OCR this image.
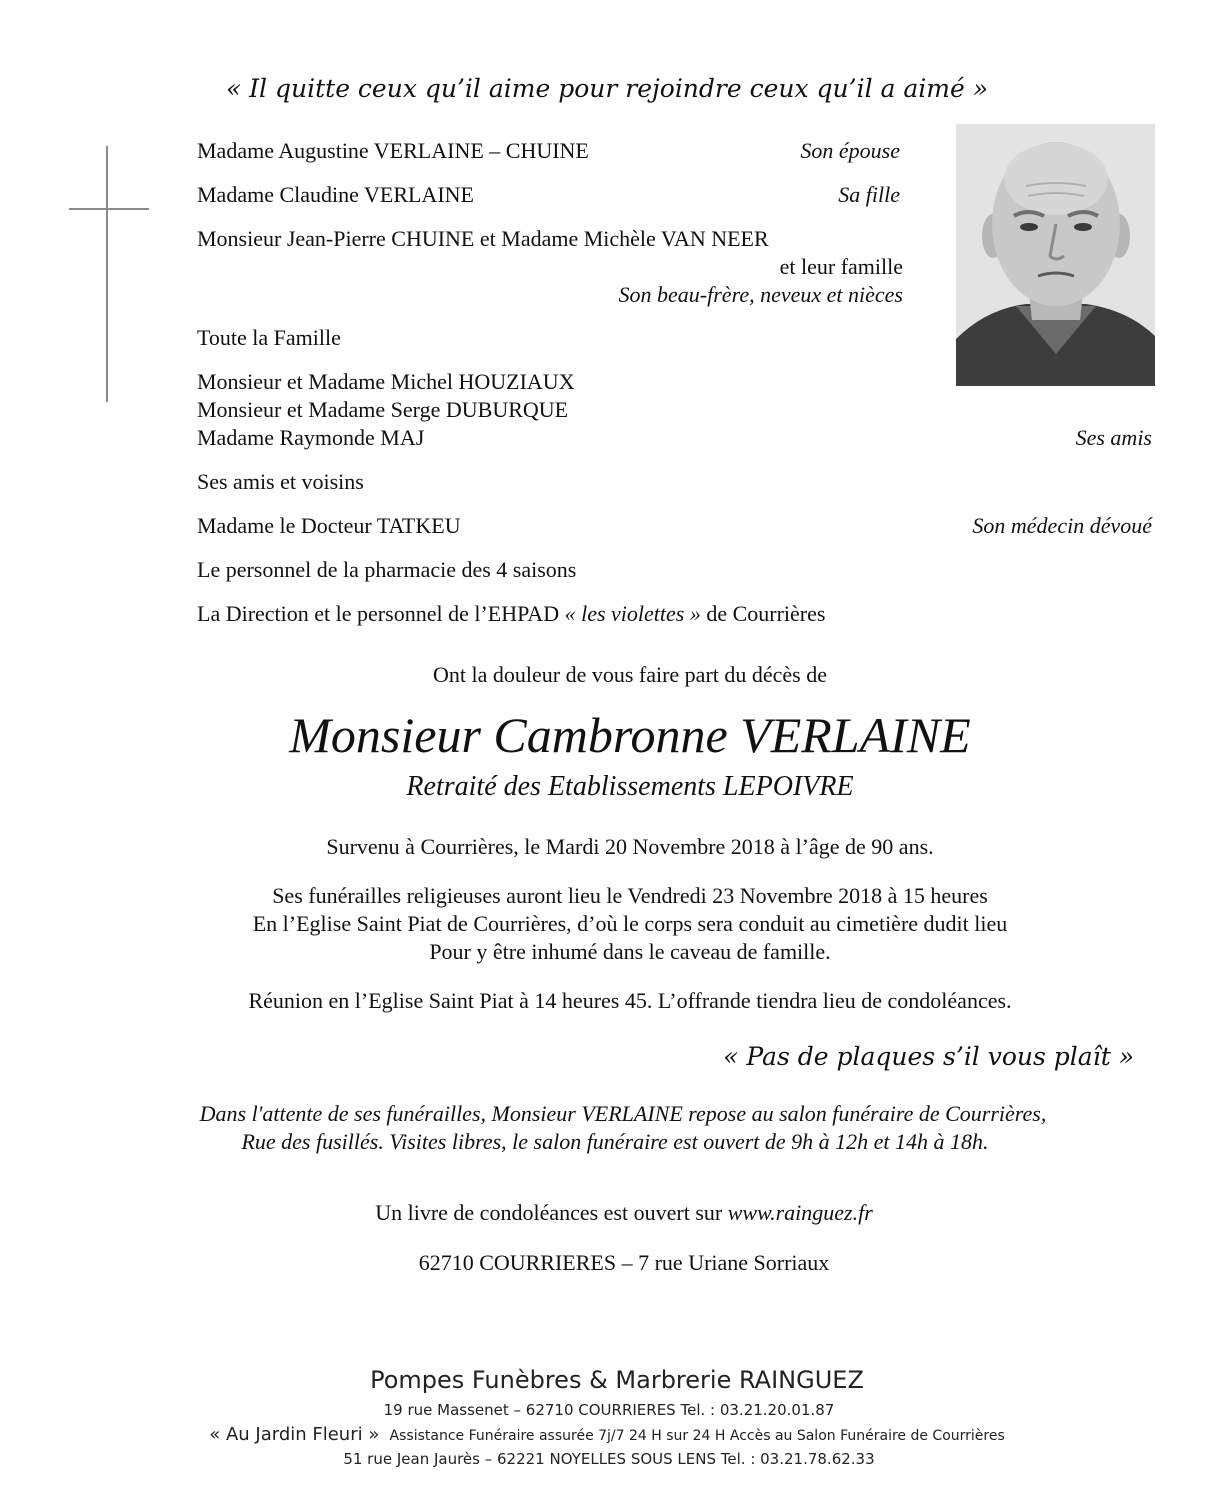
« Il quitte ceux qu’il aime pour rejoindre ceux qu’il a aimé »
Madame Augustine VERLAINE – CHUINE	Son épouse
Madame Claudine VERLAINE	Sa fille
Monsieur Jean-Pierre CHUINE et Madame Michèle VAN NEER
et leur famille
Son beau-frère, neveux et nièces
Toute la Famille
Monsieur et Madame Michel HOUZIAUX
Monsieur et Madame Serge DUBURQUE
Madame Raymonde MAJ	Ses amis
Ses amis et voisins
Madame le Docteur TATKEU	Son médecin dévoué
Le personnel de la pharmacie des 4 saisons
La Direction et le personnel de l’EHPAD « les violettes » de Courrières
Ont la douleur de vous faire part du décès de
Monsieur Cambronne VERLAINE
Retraité des Etablissements LEPOIVRE
Survenu à Courrières, le Mardi 20 Novembre 2018 à l’âge de 90 ans.
Ses funérailles religieuses auront lieu le Vendredi 23 Novembre 2018 à 15 heures
En l’Eglise Saint Piat de Courrières, d’où le corps sera conduit au cimetière dudit lieu
Pour y être inhumé dans le caveau de famille.
Réunion en l’Eglise Saint Piat à 14 heures 45. L’offrande tiendra lieu de condoléances.
« Pas de plaques s’il vous plaît »
Dans l'attente de ses funérailles, Monsieur VERLAINE repose au salon funéraire de Courrières,
Rue des fusillés. Visites libres, le salon funéraire est ouvert de 9h à 12h et 14h à 18h.
Un livre de condoléances est ouvert sur www.rainguez.fr
62710 COURRIERES – 7 rue Uriane Sorriaux
Pompes Funèbres & Marbrerie RAINGUEZ
19 rue Massenet – 62710 COURRIERES Tel. : 03.21.20.01.87
« Au Jardin Fleuri » Assistance Funéraire assurée 7j/7 24 H sur 24 H Accès au Salon Funéraire de Courrières
51 rue Jean Jaurès – 62221 NOYELLES SOUS LENS Tel. : 03.21.78.62.33
